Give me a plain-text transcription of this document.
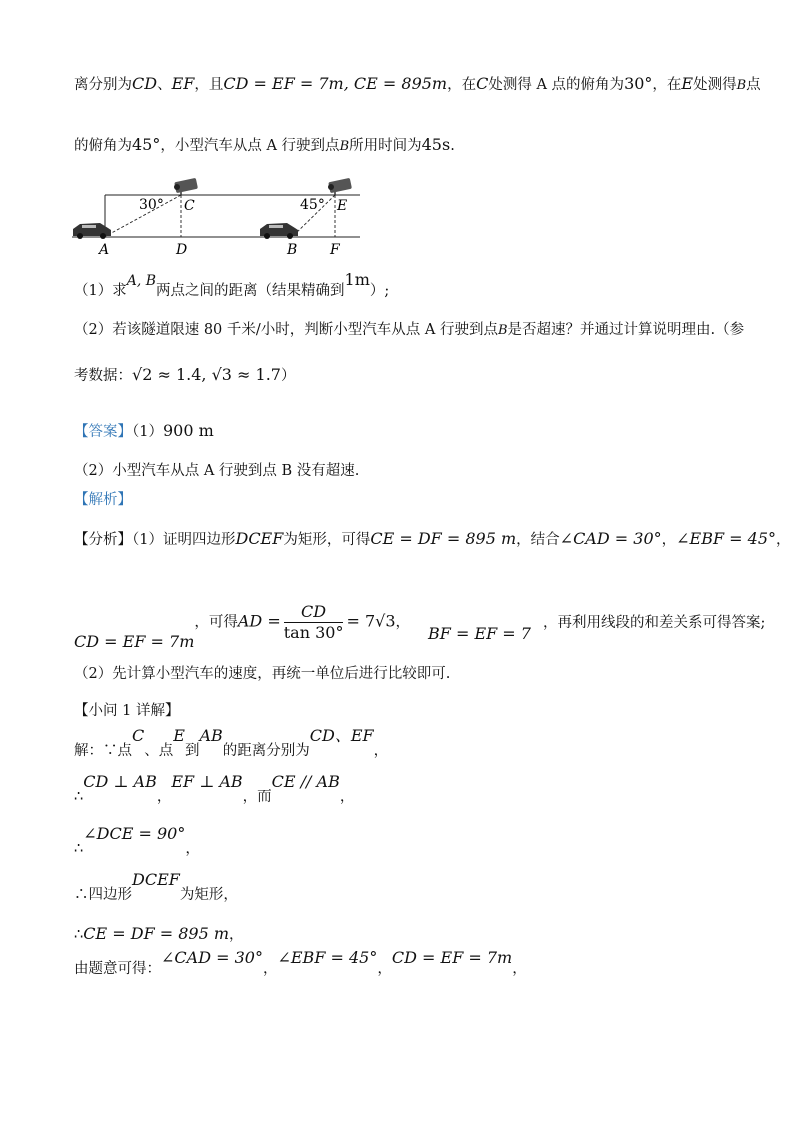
离分别为CD、EF，且CD = EF = 7m, CE = 895m，在C处测得 A 点的俯角为30°，在E处测得B点
的俯角为45°，小型汽车从点 A 行驶到点B所用时间为45s.
30°	45°
C	E
A	D	B F
（1）求A, B两点之间的距离（结果精确到1m）;
（2）若该隧道限速 80 千米/小时，判断小型汽车从点 A 行驶到点B是否超速？并通过计算说明理由.（参
考数据：√2 ≈ 1.4, √3 ≈ 1.7）
【答案】（1）900 m
（2）小型汽车从点 A 行驶到点 B 没有超速.
【解析】
【分析】（1）证明四边形DCEF为矩形，可得CE = DF = 895 m，结合∠CAD = 30°，∠EBF = 45°，
CD = EF = 7m，可得AD = $\frac{CD}{\tan 30^\circ} = 7√3$，BF = EF = 7，再利用线段的和差关系可得答案;
（2）先计算小型汽车的速度，再统一单位后进行比较即可.
【小问 1 详解】
解：∵点C、点E到AB的距离分别为CD、EF，
∴CD ⊥ AB，EF ⊥ AB，而CE // AB，
∴∠DCE = 90°，
∴四边形DCEF为矩形，
∴CE = DF = 895 m，
由题意可得：∠CAD = 30°，∠EBF = 45°，CD = EF = 7m，
